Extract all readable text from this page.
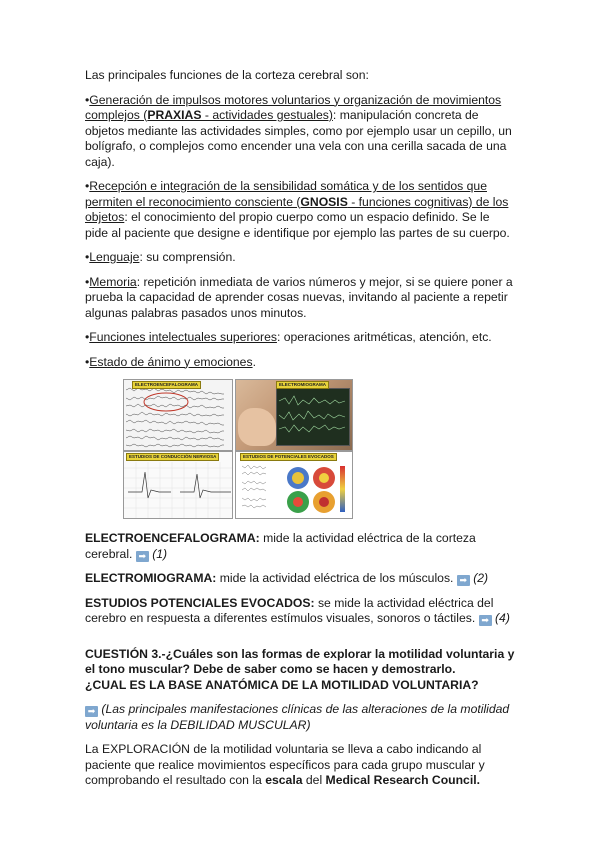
Las principales funciones de la corteza cerebral son:

•Generación de impulsos motores voluntarios y organización de movimientos complejos (PRAXIAS - actividades gestuales): manipulación concreta de objetos mediante las actividades simples, como por ejemplo usar un cepillo, un bolígrafo, o complejos como encender una vela con una cerilla sacada de una caja).

•Recepción e integración de la sensibilidad somática y de los sentidos que permiten el reconocimiento consciente (GNOSIS - funciones cognitivas) de los objetos: el conocimiento del propio cuerpo como un espacio definido. Se le pide al paciente que designe e identifique por ejemplo las partes de su cuerpo.

•Lenguaje: su comprensión.

•Memoria: repetición inmediata de varios números y mejor, si se quiere poner a prueba la capacidad de aprender cosas nuevas, invitando al paciente a repetir algunas palabras pasados unos minutos.

•Funciones intelectuales superiores: operaciones aritméticas, atención, etc.

•Estado de ánimo y emociones.

ELECTROENCEFALOGRAMA	ELECTROMIOGRAMA
ESTUDIOS DE CONDUCCIÓN NERVIOSA	ESTUDIOS DE POTENCIALES EVOCADOS

ELECTROENCEFALOGRAMA: mide la actividad eléctrica de la corteza cerebral. ➡ (1)

ELECTROMIOGRAMA: mide la actividad eléctrica de los músculos. ➡ (2)

ESTUDIOS POTENCIALES EVOCADOS: se mide la actividad eléctrica del cerebro en respuesta a diferentes estímulos visuales, sonoros o táctiles. ➡ (4)

CUESTIÓN 3.-¿Cuáles son las formas de explorar la motilidad voluntaria y el tono muscular? Debe de saber como se hacen y demostrarlo.
¿CUAL ES LA BASE ANATÓMICA DE LA MOTILIDAD VOLUNTARIA?

➡ (Las principales manifestaciones clínicas de las alteraciones de la motilidad voluntaria es la DEBILIDAD MUSCULAR)

La EXPLORACIÓN de la motilidad voluntaria se lleva a cabo indicando al paciente que realice movimientos específicos para cada grupo muscular y comprobando el resultado con la escala del Medical Research Council.
